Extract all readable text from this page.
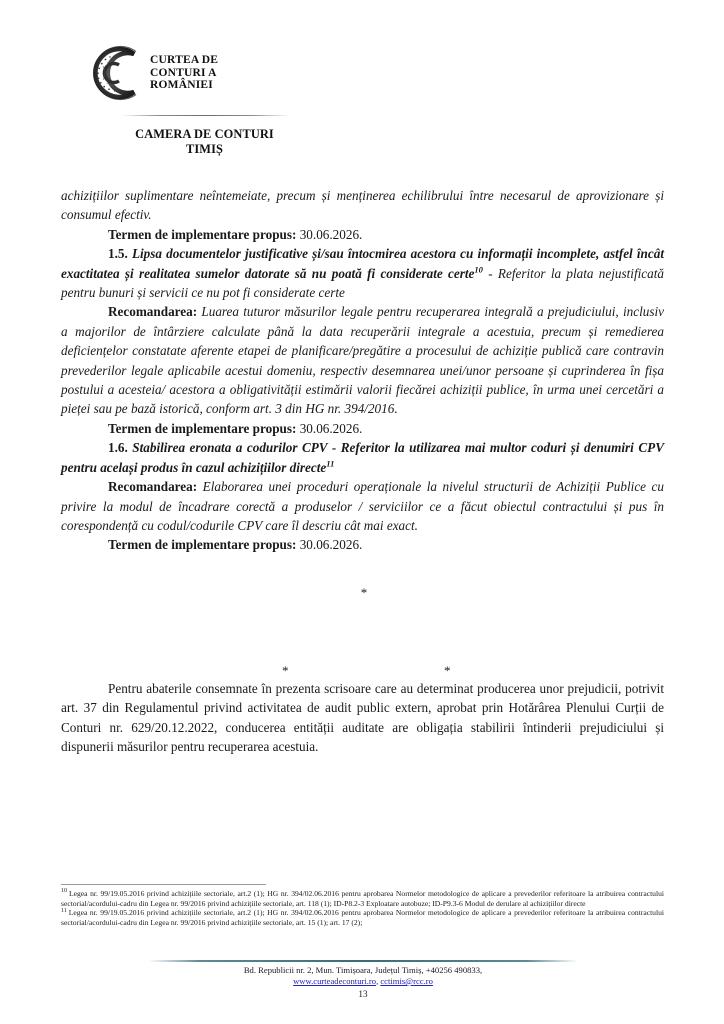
CURTEA DE
CONTURI A
ROMÂNIEI
CAMERA DE CONTURI
TIMIȘ

achizițiilor suplimentare neîntemeiate, precum și menținerea echilibrului între necesarul de aprovizionare și consumul efectiv.

Termen de implementare propus: 30.06.2026.

1.5. Lipsa documentelor justificative și/sau întocmirea acestora cu informații incomplete, astfel încât exactitatea și realitatea sumelor datorate să nu poată fi considerate certe$^{10}$ - Referitor la plata nejustificată pentru bunuri și servicii ce nu pot fi considerate certe

Recomandarea: Luarea tuturor măsurilor legale pentru recuperarea integrală a prejudiciului, inclusiv a majorilor de întârziere calculate până la data recuperării integrale a acestuia, precum și remedierea deficiențelor constatate aferente etapei de planificare/pregătire a procesului de achiziție publică care contravin prevederilor legale aplicabile acestui domeniu, respectiv desemnarea unei/unor persoane și cuprinderea în fișa postului a acesteia/ acestora a obligativității estimării valorii fiecărei achiziții publice, în urma unei cercetări a pieței sau pe bază istorică, conform art. 3 din HG nr. 394/2016.

Termen de implementare propus: 30.06.2026.

1.6. Stabilirea eronata a codurilor CPV - Referitor la utilizarea mai multor coduri și denumiri CPV pentru același produs în cazul achizițiilor directe$^{11}$

Recomandarea: Elaborarea unei proceduri operaționale la nivelul structurii de Achiziții Publice cu privire la modul de încadrare corectă a produselor / serviciilor ce a făcut obiectul contractului și pus în corespondență cu codul/codurile CPV care îl descriu cât mai exact.

Termen de implementare propus: 30.06.2026.

*
*	*

Pentru abaterile consemnate în prezenta scrisoare care au determinat producerea unor prejudicii, potrivit art. 37 din Regulamentul privind activitatea de audit public extern, aprobat prin Hotărârea Plenului Curții de Conturi nr. 629/20.12.2022, conducerea entității auditate are obligația stabilirii întinderii prejudiciului și dispunerii măsurilor pentru recuperarea acestuia.

$^{10}$ Legea nr. 99/19.05.2016 privind achizițiile sectoriale, art.2 (1); HG nr. 394/02.06.2016 pentru aprobarea Normelor metodologice de aplicare a prevederilor referitoare la atribuirea contractului sectorial/acordului-cadru din Legea nr. 99/2016 privind achizițiile sectoriale, art. 118 (1); ID-P8.2-3 Exploatare autobuze; ID-P9.3-6 Modul de derulare al achizițiilor directe

$^{11}$ Legea nr. 99/19.05.2016 privind achizițiile sectoriale, art.2 (1); HG nr. 394/02.06.2016 pentru aprobarea Normelor metodologice de aplicare a prevederilor referitoare la atribuirea contractului sectorial/acordului-cadru din Legea nr. 99/2016 privind achizițiile sectoriale, art. 15 (1); art. 17 (2);

Bd. Republicii nr. 2, Mun. Timișoara, Județul Timiș, +40256 490833,
www.curteadeconturi.ro, cctimis@rcc.ro
13
